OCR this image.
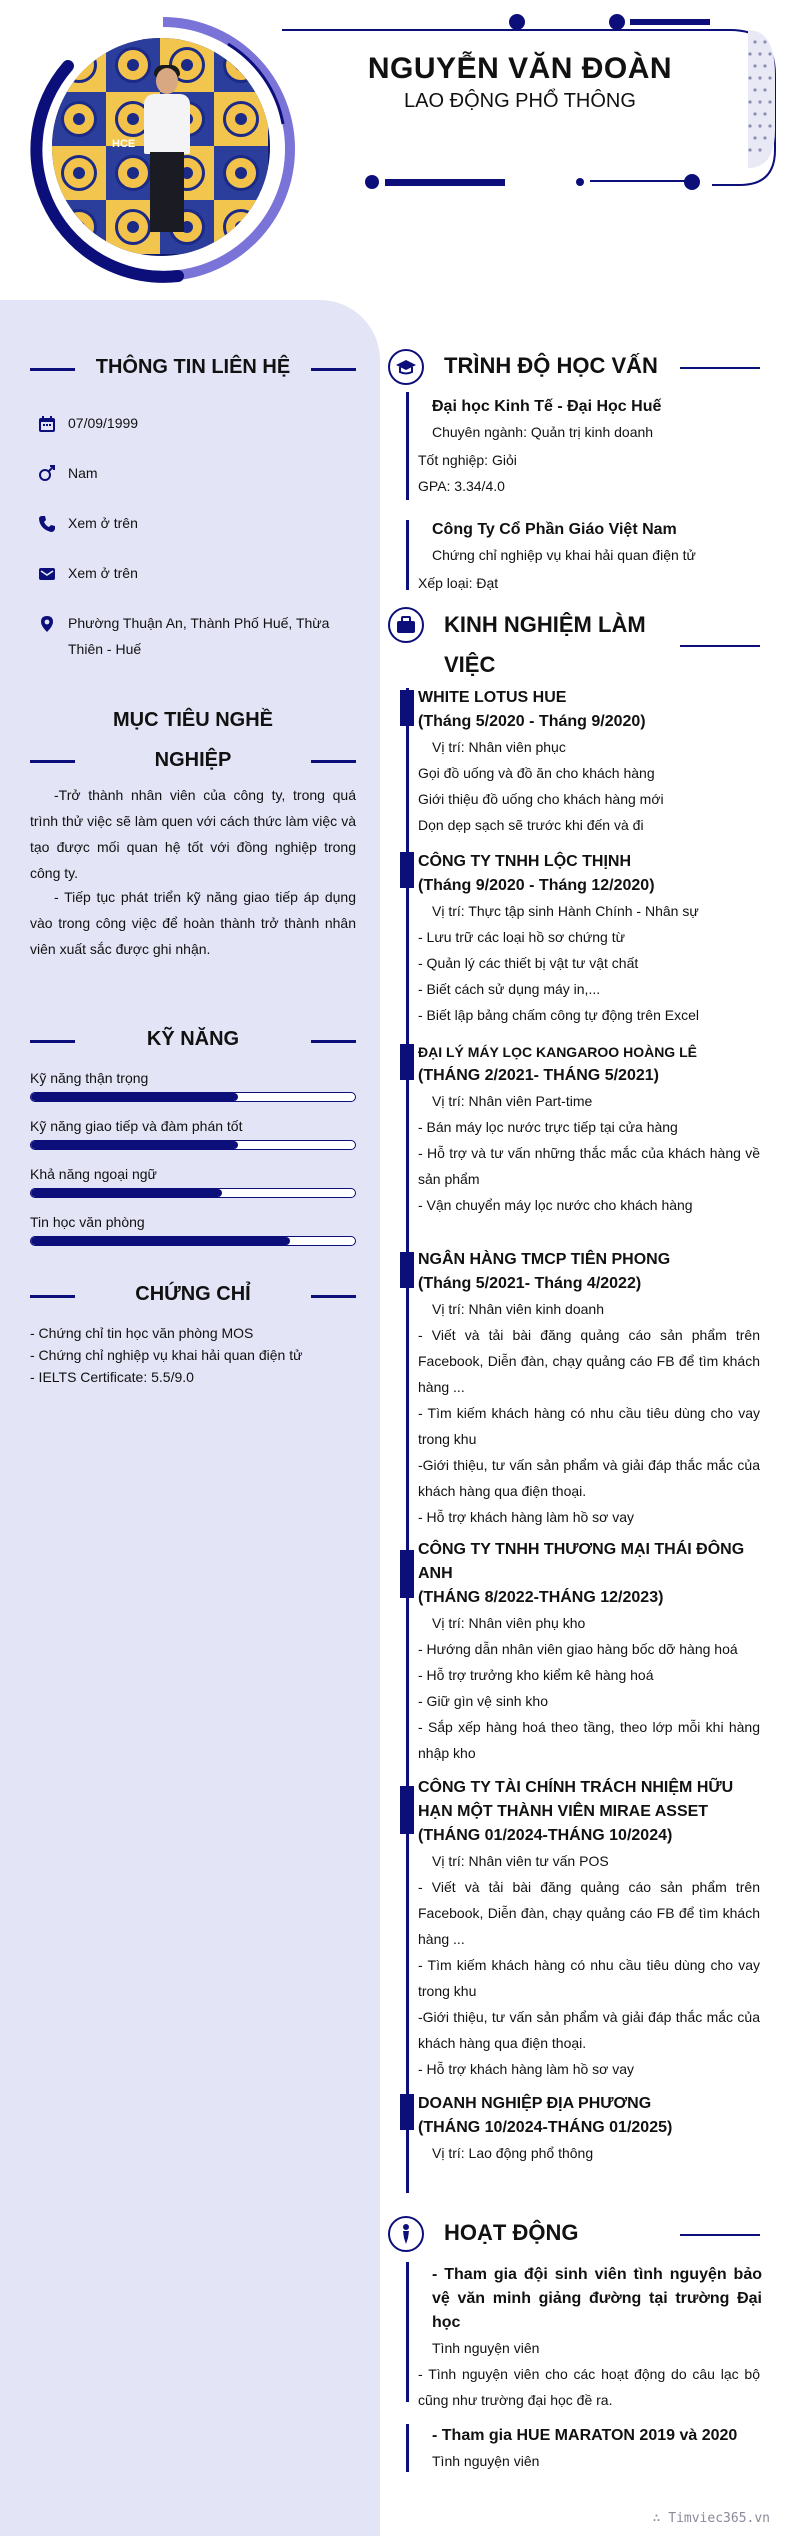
HCE
NGUYỄN VĂN ĐOÀN
LAO ĐỘNG PHỔ THÔNG
THÔNG TIN LIÊN HỆ
07/09/1999
Nam
Xem ở trên
Xem ở trên
Phường Thuận An, Thành Phố Huế, Thừa Thiên - Huế
MỤC TIÊU NGHỀ
NGHIỆP
-Trở thành nhân viên của công ty, trong quá trình thử việc sẽ làm quen với cách thức làm việc và tạo được mối quan hệ tốt với đồng nghiệp trong công ty.
- Tiếp tục phát triển kỹ năng giao tiếp áp dụng vào trong công việc để hoàn thành trở thành nhân viên xuất sắc được ghi nhận.
KỸ NĂNG
Kỹ năng thận trọng
Kỹ năng giao tiếp và đàm phán tốt
Khả năng ngoại ngữ
Tin học văn phòng
CHỨNG CHỈ
- Chứng chỉ tin học văn phòng MOS
- Chứng chỉ nghiệp vụ khai hải quan điện tử
- IELTS Certificate: 5.5/9.0
TRÌNH ĐỘ HỌC VẤN
Đại học Kinh Tế - Đại Học Huế
Chuyên ngành: Quản trị kinh doanh
Tốt nghiệp: Giỏi
GPA: 3.34/4.0
Công Ty Cổ Phần Giáo Việt Nam
Chứng chỉ nghiệp vụ khai hải quan điện tử
Xếp loại: Đạt
KINH NGHIỆM LÀM
VIỆC
WHITE LOTUS HUE
(Tháng 5/2020 - Tháng 9/2020)
Vị trí: Nhân viên phục
Gọi đồ uống và đồ ăn cho khách hàng
Giới thiệu đồ uống cho khách hàng mới
Dọn dẹp sạch sẽ trước khi đến và đi
CÔNG TY TNHH LỘC THỊNH
(Tháng 9/2020 - Tháng 12/2020)
Vị trí: Thực tập sinh Hành Chính - Nhân sự
- Lưu trữ các loại hồ sơ chứng từ
- Quản lý các thiết bị vật tư vật chất
- Biết cách sử dụng máy in,...
- Biết lập bảng chấm công tự động trên Excel
ĐẠI LÝ MÁY LỌC KANGAROO HOÀNG LÊ
(THÁNG 2/2021- THÁNG 5/2021)
Vị trí: Nhân viên Part-time
- Bán máy lọc nước trực tiếp tại cửa hàng
- Hỗ trợ và tư vấn những thắc mắc của khách hàng về sản phẩm
- Vận chuyển máy lọc nước cho khách hàng
NGÂN HÀNG TMCP TIÊN PHONG
(Tháng 5/2021- Tháng 4/2022)
Vị trí: Nhân viên kinh doanh
- Viết và tải bài đăng quảng cáo sản phẩm trên Facebook, Diễn đàn, chạy quảng cáo FB để tìm khách hàng ...
- Tìm kiếm khách hàng có nhu cầu tiêu dùng cho vay trong khu
-Giới thiệu, tư vấn sản phẩm và giải đáp thắc mắc của khách hàng qua điện thoại.
- Hỗ trợ khách hàng làm hồ sơ vay
CÔNG TY TNHH THƯƠNG MẠI THÁI ĐÔNG ANH
(THÁNG 8/2022-THÁNG 12/2023)
Vị trí: Nhân viên phụ kho
- Hướng dẫn nhân viên giao hàng bốc dỡ hàng hoá
- Hỗ trợ trưởng kho kiểm kê hàng hoá
- Giữ gìn vệ sinh kho
- Sắp xếp hàng hoá theo tầng, theo lớp mỗi khi hàng nhập kho
CÔNG TY TÀI CHÍNH TRÁCH NHIỆM HỮU HẠN MỘT THÀNH VIÊN MIRAE ASSET
(THÁNG 01/2024-THÁNG 10/2024)
Vị trí: Nhân viên tư vấn POS
- Viết và tải bài đăng quảng cáo sản phẩm trên Facebook, Diễn đàn, chạy quảng cáo FB để tìm khách hàng ...
- Tìm kiếm khách hàng có nhu cầu tiêu dùng cho vay trong khu
-Giới thiệu, tư vấn sản phẩm và giải đáp thắc mắc của khách hàng qua điện thoại.
- Hỗ trợ khách hàng làm hồ sơ vay
DOANH NGHIỆP ĐỊA PHƯƠNG
(THÁNG 10/2024-THÁNG 01/2025)
Vị trí: Lao động phổ thông
HOẠT ĐỘNG
- Tham gia đội sinh viên tình nguyện bảo vệ văn minh giảng đường tại trường Đại học
Tình nguyện viên
- Tình nguyện viên cho các hoạt động do câu lạc bộ cũng như trường đại học đề ra.
- Tham gia HUE MARATON 2019 và 2020
Tình nguyện viên
∴ Timviec365.vn
